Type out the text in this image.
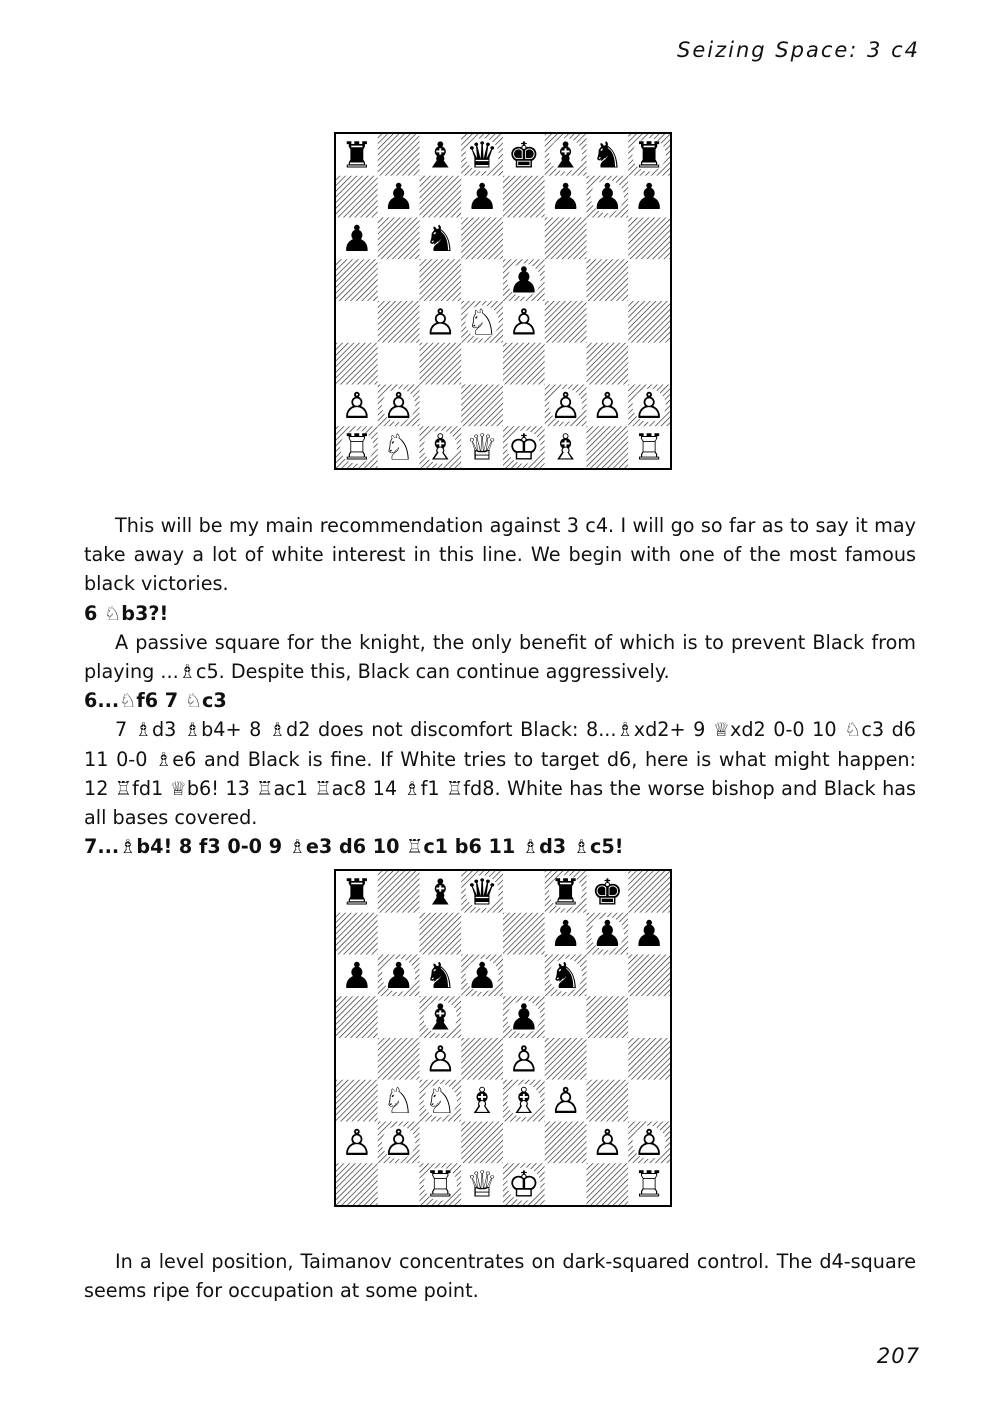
Seizing Space: 3 c4
♜ ♝ ♛ ♚ ♝ ♞ ♜
♟ ♟ ♟ ♟ ♟
♟ ♞
♟
♙ ♘ ♙
♙ ♙	♙ ♙ ♙
♖ ♘ ♗ ♕ ♔ ♗ ♖

This will be my main recommendation against 3 c4. I will go so far as to say it may take away a lot of white interest in this line. We begin with one of the most famous black victories.

6 ♘b3?!

A passive square for the knight, the only benefit of which is to prevent Black from playing ...♗c5. Despite this, Black can continue aggressively.

6...♘f6 7 ♘c3

7 ♗d3 ♗b4+ 8 ♗d2 does not discomfort Black: 8...♗xd2+ 9 ♕xd2 0-0 10 ♘c3 d6 11 0-0 ♗e6 and Black is fine. If White tries to target d6, here is what might happen: 12 ♖fd1 ♕b6! 13 ♖ac1 ♖ac8 14 ♗f1 ♖fd8. White has the worse bishop and Black has all bases covered.

7...♗b4! 8 f3 0-0 9 ♗e3 d6 10 ♖c1 b6 11 ♗d3 ♗c5!

♜ ♝ ♛ ♜ ♚
♟ ♟ ♟
♟ ♟ ♞ ♟ ♞
♝ ♟
♙ ♙
♘ ♘ ♗ ♗ ♙
♙ ♙	♙ ♙
♖ ♕ ♔	♖

In a level position, Taimanov concentrates on dark-squared control. The d4-square seems ripe for occupation at some point.

207
